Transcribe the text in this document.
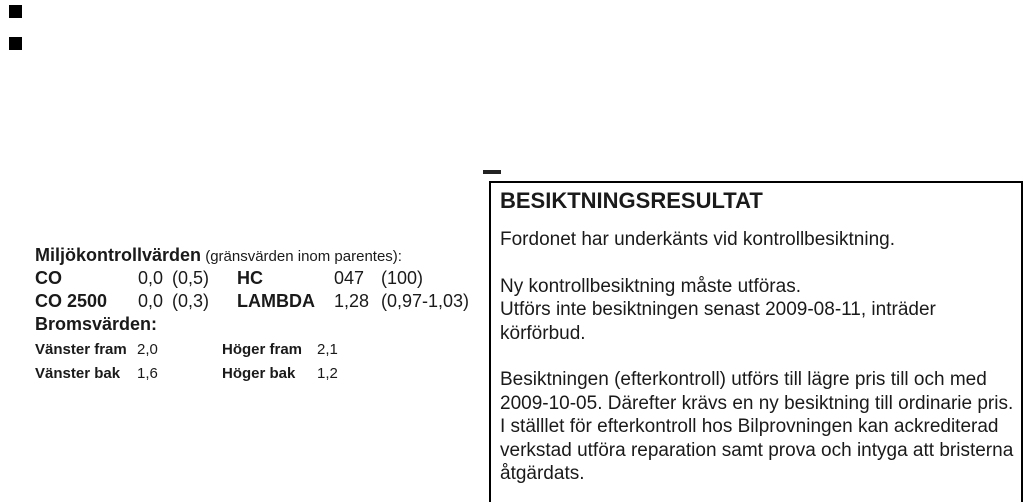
Miljökontrollvärden (gränsvärden inom parentes):
CO	0,0 (0,5) HC	047 (100)
CO 2500 0,0 (0,3) LAMBDA 1,28 (0,97-1,03)
Bromsvärden:
Vänster fram 2,0	Höger fram 2,1
Vänster bak 1,6	Höger bak 1,2
BESIKTNINGSRESULTAT
Fordonet har underkänts vid kontrollbesiktning.
Ny kontrollbesiktning måste utföras.
Utförs inte besiktningen senast 2009-08-11, inträder
körförbud.
Besiktningen (efterkontroll) utförs till lägre pris till och med
2009-10-05. Därefter krävs en ny besiktning till ordinarie pris.
I ställlet för efterkontroll hos Bilprovningen kan ackrediterad
verkstad utföra reparation samt prova och intyga att bristerna
åtgärdats.
